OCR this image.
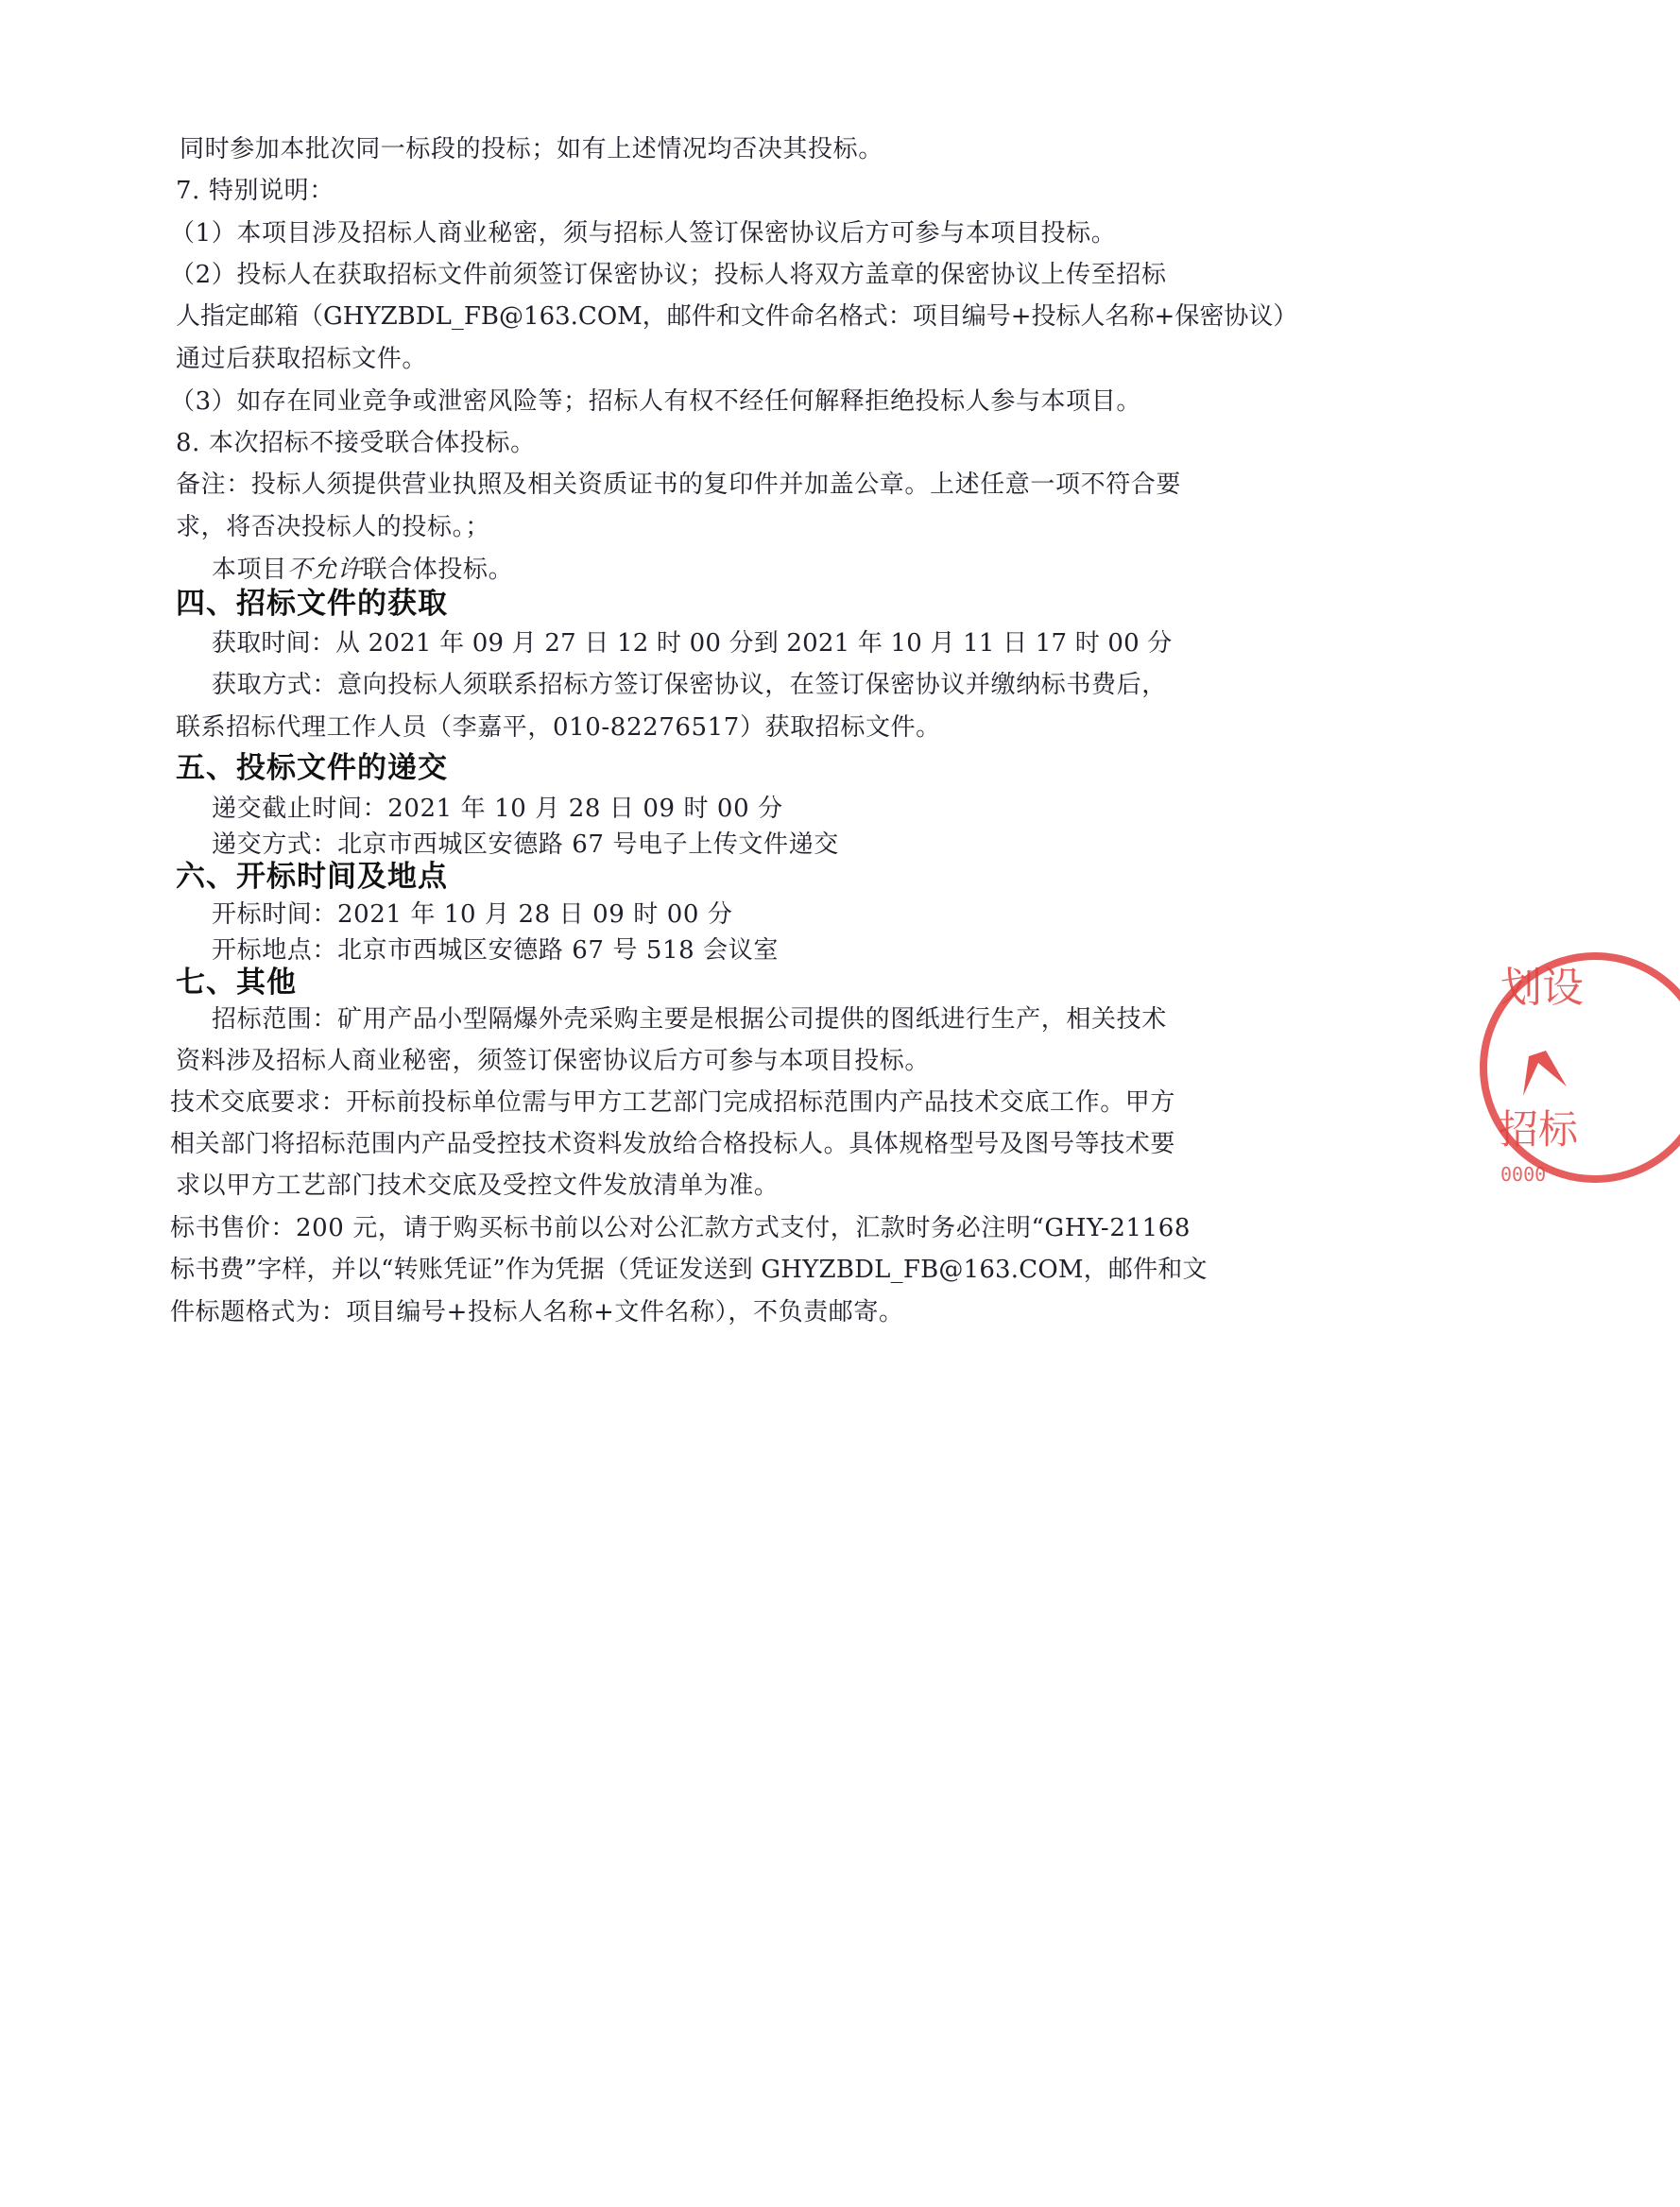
同时参加本批次同一标段的投标；如有上述情况均否决其投标。
7. 特别说明：
（1）本项目涉及招标人商业秘密，须与招标人签订保密协议后方可参与本项目投标。
（2）投标人在获取招标文件前须签订保密协议；投标人将双方盖章的保密协议上传至招标
人指定邮箱（GHYZBDL_FB@163.COM，邮件和文件命名格式：项目编号+投标人名称+保密协议）
通过后获取招标文件。
（3）如存在同业竞争或泄密风险等；招标人有权不经任何解释拒绝投标人参与本项目。
8. 本次招标不接受联合体投标。
备注：投标人须提供营业执照及相关资质证书的复印件并加盖公章。上述任意一项不符合要
求，将否决投标人的投标。；
本项目不允许联合体投标。
四、招标文件的获取
获取时间：从 2021 年 09 月 27 日 12 时 00 分到 2021 年 10 月 11 日 17 时 00 分
获取方式：意向投标人须联系招标方签订保密协议，在签订保密协议并缴纳标书费后，
联系招标代理工作人员（李嘉平，010-82276517）获取招标文件。
五、投标文件的递交
递交截止时间：2021 年 10 月 28 日 09 时 00 分
递交方式：北京市西城区安德路 67 号电子上传文件递交
六、开标时间及地点
开标时间：2021 年 10 月 28 日 09 时 00 分
开标地点：北京市西城区安德路 67 号 518 会议室
七、其他
招标范围：矿用产品小型隔爆外壳采购主要是根据公司提供的图纸进行生产，相关技术
资料涉及招标人商业秘密，须签订保密协议后方可参与本项目投标。
技术交底要求：开标前投标单位需与甲方工艺部门完成招标范围内产品技术交底工作。甲方
相关部门将招标范围内产品受控技术资料发放给合格投标人。具体规格型号及图号等技术要
求以甲方工艺部门技术交底及受控文件发放清单为准。
标书售价：200 元，请于购买标书前以公对公汇款方式支付，汇款时务必注明“GHY-21168
标书费”字样，并以“转账凭证”作为凭据（凭证发送到 GHYZBDL_FB@163.COM，邮件和文
件标题格式为：项目编号+投标人名称+文件名称），不负责邮寄。
划设
招标
0000
